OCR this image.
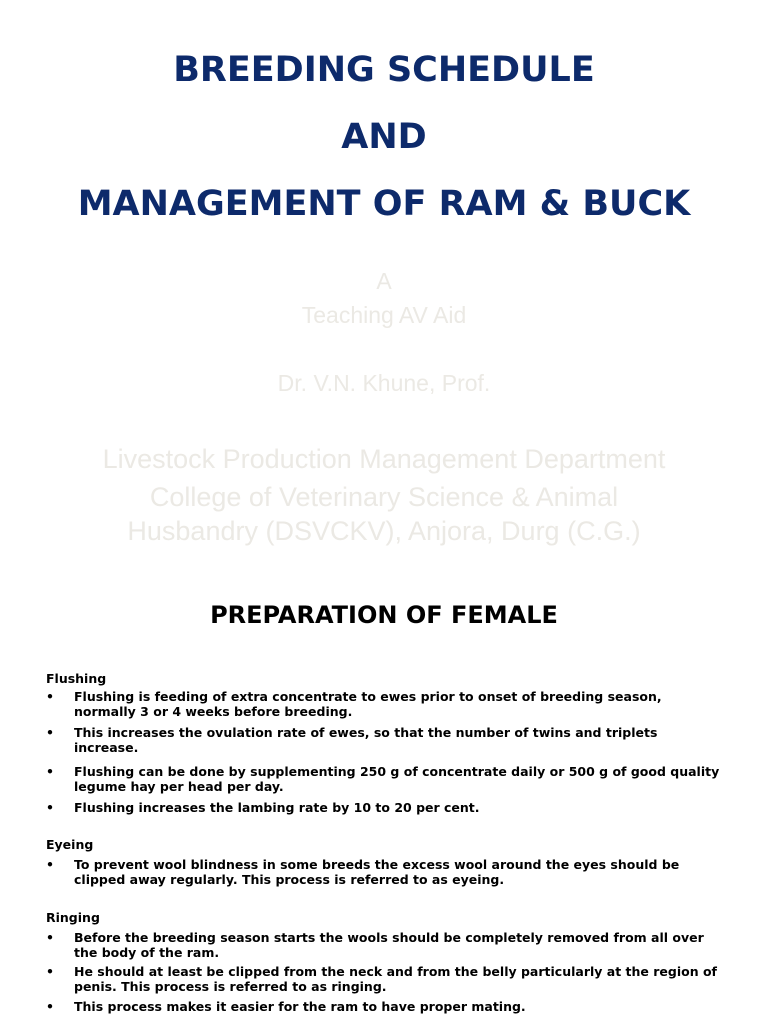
BREEDING SCHEDULE
AND
MANAGEMENT OF RAM & BUCK
A
Teaching AV Aid
Dr. V.N. Khune, Prof.
Livestock Production Management Department
College of Veterinary Science & Animal
Husbandry (DSVCKV), Anjora, Durg (C.G.)
PREPARATION OF FEMALE
Flushing
• Flushing is feeding of extra concentrate to ewes prior to onset of breeding season, normally 3 or 4 weeks before breeding.
• This increases the ovulation rate of ewes, so that the number of twins and triplets increase.
• Flushing can be done by supplementing 250 g of concentrate daily or 500 g of good quality legume hay per head per day.
• Flushing increases the lambing rate by 10 to 20 per cent.
Eyeing
• To prevent wool blindness in some breeds the excess wool around the eyes should be clipped away regularly. This process is referred to as eyeing.
Ringing
• Before the breeding season starts the wools should be completely removed from all over the body of the ram.
• He should at least be clipped from the neck and from the belly particularly at the region of penis. This process is referred to as ringing.
• This process makes it easier for the ram to have proper mating.
